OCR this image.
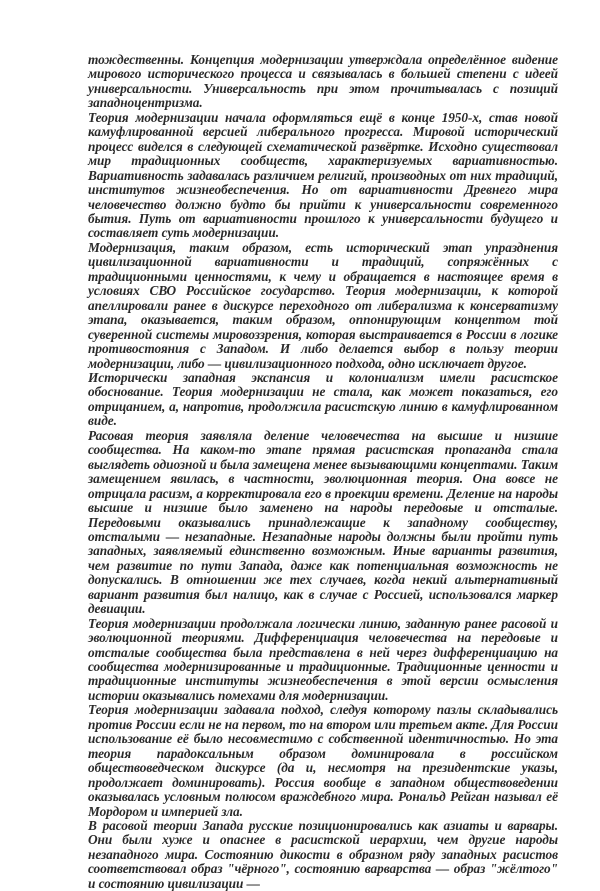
тождественны. Концепция модернизации утверждала определённое видение мирового исторического процесса и связывалась в большей степени с идеей универсальности. Универсальность при этом прочитывалась с позиций западноцентризма.

Теория модернизации начала оформляться ещё в конце 1950-х, став новой камуфлированной версией либерального прогресса. Мировой исторический процесс виделся в следующей схематической развёртке. Исходно существовал мир традиционных сообществ, характеризуемых вариативностью. Вариативность задавалась различием религий, производных от них традиций, институтов жизнеобеспечения. Но от вариативности Древнего мира человечество должно будто бы прийти к универсальности современного бытия. Путь от вариативности прошлого к универсальности будущего и составляет суть модернизации.

Модернизация, таким образом, есть исторический этап упразднения цивилизационной вариативности и традиций, сопряжённых с традиционными ценностями, к чему и обращается в настоящее время в условиях СВО Российское государство. Теория модернизации, к которой апеллировали ранее в дискурсе переходного от либерализма к консерватизму этапа, оказывается, таким образом, оппонирующим концептом той суверенной системы мировоззрения, которая выстраивается в России в логике противостояния с Западом. И либо делается выбор в пользу теории модернизации, либо — цивилизационного подхода, одно исключает другое.

Исторически западная экспансия и колониализм имели расистское обоснование. Теория модернизации не стала, как может показаться, его отрицанием, а, напротив, продолжила расистскую линию в камуфлированном виде.

Расовая теория заявляла деление человечества на высшие и низшие сообщества. На каком-то этапе прямая расистская пропаганда стала выглядеть одиозной и была замещена менее вызывающими концептами. Таким замещением явилась, в частности, эволюционная теория. Она вовсе не отрицала расизм, а корректировала его в проекции времени. Деление на народы высшие и низшие было заменено на народы передовые и отсталые. Передовыми оказывались принадлежащие к западному сообществу, отсталыми — незападные. Незападные народы должны были пройти путь западных, заявляемый единственно возможным. Иные варианты развития, чем развитие по пути Запада, даже как потенциальная возможность не допускались. В отношении же тех случаев, когда некий альтернативный вариант развития был налицо, как в случае с Россией, использовался маркер девиации.

Теория модернизации продолжала логически линию, заданную ранее расовой и эволюционной теориями. Дифференциация человечества на передовые и отсталые сообщества была представлена в ней через дифференциацию на сообщества модернизированные и традиционные. Традиционные ценности и традиционные институты жизнеобеспечения в этой версии осмысления истории оказывались помехами для модернизации.

Теория модернизации задавала подход, следуя которому пазлы складывались против России если не на первом, то на втором или третьем акте. Для России использование её было несовместимо с собственной идентичностью. Но эта теория парадоксальным образом доминировала в российском обществоведческом дискурсе (да и, несмотря на президентские указы, продолжает доминировать). Россия вообще в западном обществоведении оказывалась условным полюсом враждебного мира. Рональд Рейган называл её Мордором и империей зла.

В расовой теории Запада русские позиционировались как азиаты и варвары. Они были хуже и опаснее в расистской иерархии, чем другие народы незападного мира. Состоянию дикости в образном ряду западных расистов соответствовал образ "чёрного", состоянию варварства — образ "жёлтого" и состоянию цивилизации —
